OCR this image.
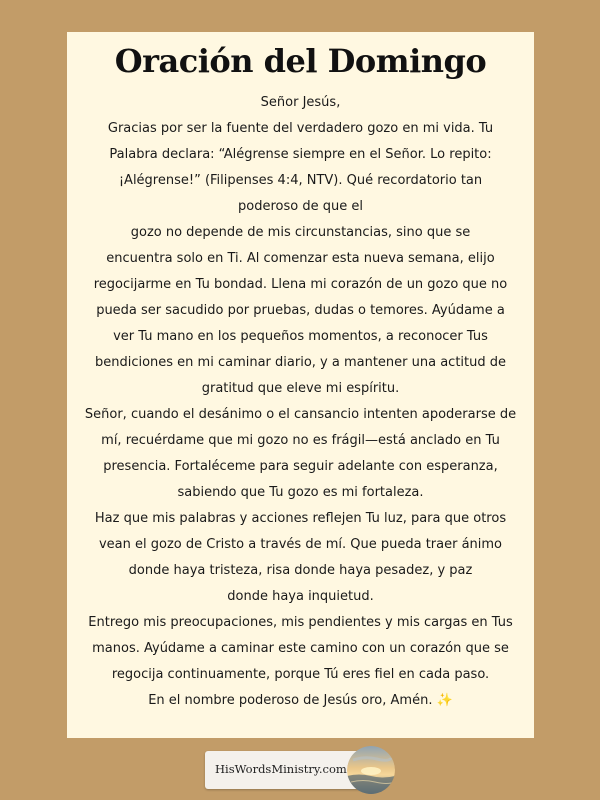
Oración del Domingo
Señor Jesús,
Gracias por ser la fuente del verdadero gozo en mi vida. Tu
Palabra declara: “Alégrense siempre en el Señor. Lo repito:
¡Alégrense!” (Filipenses 4:4, NTV). Qué recordatorio tan
poderoso de que el
gozo no depende de mis circunstancias, sino que se
encuentra solo en Ti. Al comenzar esta nueva semana, elijo
regocijarme en Tu bondad. Llena mi corazón de un gozo que no
pueda ser sacudido por pruebas, dudas o temores. Ayúdame a
ver Tu mano en los pequeños momentos, a reconocer Tus
bendiciones en mi caminar diario, y a mantener una actitud de
gratitud que eleve mi espíritu.
Señor, cuando el desánimo o el cansancio intenten apoderarse de
mí, recuérdame que mi gozo no es frágil—está anclado en Tu
presencia. Fortaléceme para seguir adelante con esperanza,
sabiendo que Tu gozo es mi fortaleza.
Haz que mis palabras y acciones reflejen Tu luz, para que otros
vean el gozo de Cristo a través de mí. Que pueda traer ánimo
donde haya tristeza, risa donde haya pesadez, y paz
donde haya inquietud.
Entrego mis preocupaciones, mis pendientes y mis cargas en Tus
manos. Ayúdame a caminar este camino con un corazón que se
regocija continuamente, porque Tú eres fiel en cada paso.
En el nombre poderoso de Jesús oro, Amén. ✨
HisWordsMinistry.com
